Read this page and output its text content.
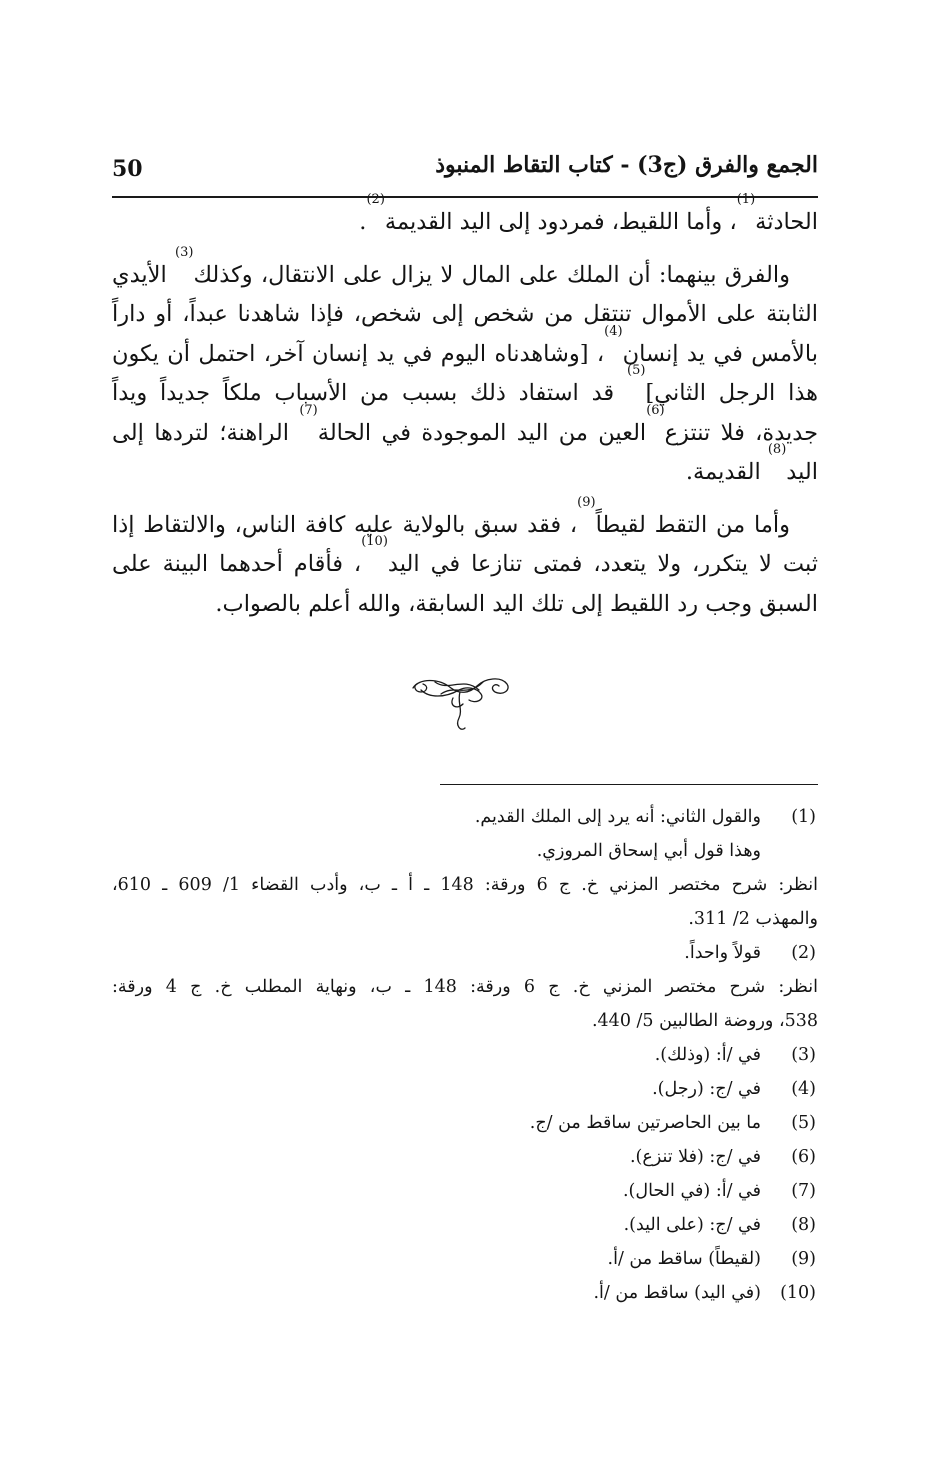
50	الجمع والفرق (ج3) - كتاب التقاط المنبوذ

الحادثة$^{(1)}$، وأما اللقيط، فمردود إلى اليد القديمة$^{(2)}$.

والفرق بينهما: أن الملك على المال لا يزال على الانتقال، وكذلك$^{(3)}$ الأيدي الثابتة على الأموال تنتقل من شخص إلى شخص، فإذا شاهدنا عبداً، أو داراً بالأمس في يد إنسان$^{(4)}$، [وشاهدناه اليوم في يد إنسان آخر، احتمل أن يكون هذا الرجل الثاني]$^{(5)}$ قد استفاد ذلك بسبب من الأسباب ملكاً جديداً ويداً جديدة، فلا تنتزع$^{(6)}$العين من اليد الموجودة في الحالة$^{(7)}$ الراهنة؛ لتردها إلى اليد$^{(8)}$ القديمة.

وأما من التقط لقيطاً$^{(9)}$، فقد سبق بالولاية عليه كافة الناس، والالتقاط إذا ثبت لا يتكرر، ولا يتعدد، فمتى تنازعا في اليد$^{(10)}$، فأقام أحدهما البينة على السبق وجب رد اللقيط إلى تلك اليد السابقة، والله أعلم بالصواب.

(1)
والقول الثاني: أنه يرد إلى الملك القديم.
وهذا قول أبي إسحاق المروزي.
انظر: شرح مختصر المزني خ. ج 6 ورقة: 148 ـ أ ـ ب، وأدب القضاء 1/ 609 ـ 610،
والمهذب 2/ 311.
(2)
قولاً واحداً.
انظر: شرح مختصر المزني خ. ج 6 ورقة: 148 ـ ب، ونهاية المطلب خ. ج 4 ورقة:
538، وروضة الطالبين 5/ 440.
(3)
في /أ: (وذلك).
(4)
في /ج: (رجل).
(5)
ما بين الحاصرتين ساقط من /ج.
(6)
في /ج: (فلا تنزع).
(7)
في /أ: (في الحال).
(8)
في /ج: (على اليد).
(9)
(لقيطاً) ساقط من /أ.
(10)
(في اليد) ساقط من /أ.
